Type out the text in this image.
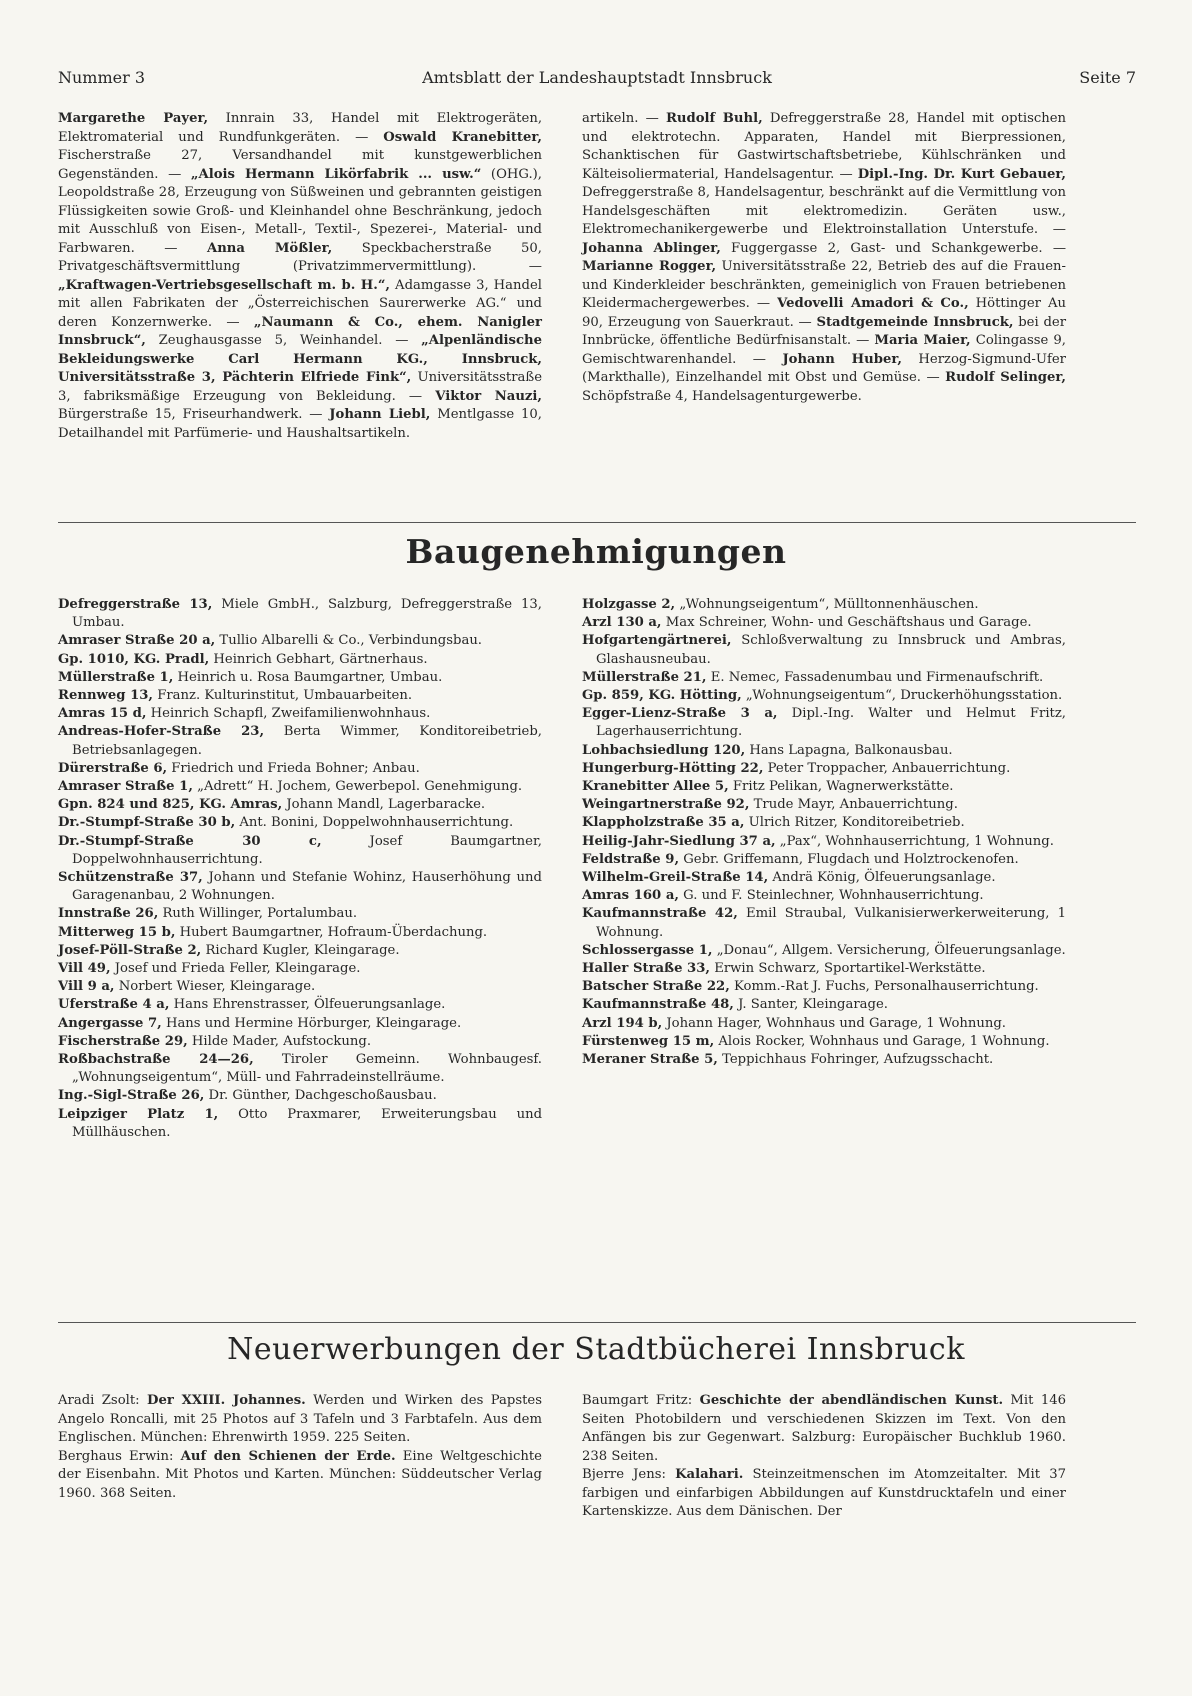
Nummer 3	Amtsblatt der Landeshauptstadt Innsbruck	Seite 7

Margarethe Payer, Innrain 33, Handel mit Elektrogeräten, Elektromaterial und Rundfunkgeräten. — Oswald Kranebitter, Fischerstraße 27, Versandhandel mit kunstgewerblichen Gegenständen. — „Alois Hermann Likörfabrik ... usw.“ (OHG.), Leopoldstraße 28, Erzeugung von Süßweinen und gebrannten geistigen Flüssigkeiten sowie Groß- und Kleinhandel ohne Beschränkung, jedoch mit Ausschluß von Eisen-, Metall-, Textil-, Spezerei-, Material- und Farbwaren. — Anna Mößler, Speckbacherstraße 50, Privatgeschäftsvermittlung (Privatzimmervermittlung). — „Kraftwagen-Vertriebsgesellschaft m. b. H.“, Adamgasse 3, Handel mit allen Fabrikaten der „Österreichischen Saurerwerke AG.“ und deren Konzernwerke. — „Naumann & Co., ehem. Nanigler Innsbruck“, Zeughausgasse 5, Weinhandel. — „Alpenländische Bekleidungswerke Carl Hermann KG., Innsbruck, Universitätsstraße 3, Pächterin Elfriede Fink“, Universitätsstraße 3, fabriksmäßige Erzeugung von Bekleidung. — Viktor Nauzi, Bürgerstraße 15, Friseurhandwerk. — Johann Liebl, Mentlgasse 10, Detailhandel mit Parfümerie- und Haushaltsartikeln.

artikeln. — Rudolf Buhl, Defreggerstraße 28, Handel mit optischen und elektrotechn. Apparaten, Handel mit Bierpressionen, Schanktischen für Gastwirtschaftsbetriebe, Kühlschränken und Kälteisoliermaterial, Handelsagentur. — Dipl.-Ing. Dr. Kurt Gebauer, Defreggerstraße 8, Handelsagentur, beschränkt auf die Vermittlung von Handelsgeschäften mit elektromedizin. Geräten usw., Elektromechanikergewerbe und Elektroinstallation Unterstufe. — Johanna Ablinger, Fuggergasse 2, Gast- und Schankgewerbe. — Marianne Rogger, Universitätsstraße 22, Betrieb des auf die Frauen- und Kinderkleider beschränkten, gemeiniglich von Frauen betriebenen Kleidermachergewerbes. — Vedovelli Amadori & Co., Höttinger Au 90, Erzeugung von Sauerkraut. — Stadtgemeinde Innsbruck, bei der Innbrücke, öffentliche Bedürfnisanstalt. — Maria Maier, Colingasse 9, Gemischtwarenhandel. — Johann Huber, Herzog-Sigmund-Ufer (Markthalle), Einzelhandel mit Obst und Gemüse. — Rudolf Selinger, Schöpfstraße 4, Handelsagenturgewerbe.

Baugenehmigungen

Defreggerstraße 13, Miele GmbH., Salzburg, Defreggerstraße 13, Umbau.

Amraser Straße 20 a, Tullio Albarelli & Co., Verbindungsbau.

Gp. 1010, KG. Pradl, Heinrich Gebhart, Gärtnerhaus.

Müllerstraße 1, Heinrich u. Rosa Baumgartner, Umbau.

Rennweg 13, Franz. Kulturinstitut, Umbauarbeiten.

Amras 15 d, Heinrich Schapfl, Zweifamilienwohnhaus.

Andreas-Hofer-Straße 23, Berta Wimmer, Konditoreibetrieb, Betriebsanlagegen.

Dürerstraße 6, Friedrich und Frieda Bohner; Anbau.

Amraser Straße 1, „Adrett“ H. Jochem, Gewerbepol. Genehmigung.

Gpn. 824 und 825, KG. Amras, Johann Mandl, Lagerbaracke.

Dr.-Stumpf-Straße 30 b, Ant. Bonini, Doppelwohnhauserrichtung.

Dr.-Stumpf-Straße 30 c, Josef Baumgartner, Doppelwohnhauserrichtung.

Schützenstraße 37, Johann und Stefanie Wohinz, Hauserhöhung und Garagenanbau, 2 Wohnungen.

Innstraße 26, Ruth Willinger, Portalumbau.

Mitterweg 15 b, Hubert Baumgartner, Hofraum-Überdachung.

Josef-Pöll-Straße 2, Richard Kugler, Kleingarage.

Vill 49, Josef und Frieda Feller, Kleingarage.

Vill 9 a, Norbert Wieser, Kleingarage.

Uferstraße 4 a, Hans Ehrenstrasser, Ölfeuerungsanlage.

Angergasse 7, Hans und Hermine Hörburger, Kleingarage.

Fischerstraße 29, Hilde Mader, Aufstockung.

Roßbachstraße 24—26, Tiroler Gemeinn. Wohnbaugesf. „Wohnungseigentum“, Müll- und Fahrradeinstellräume.

Ing.-Sigl-Straße 26, Dr. Günther, Dachgeschoßausbau.

Leipziger Platz 1, Otto Praxmarer, Erweiterungsbau und Müllhäuschen.

Holzgasse 2, „Wohnungseigentum“, Mülltonnenhäuschen.

Arzl 130 a, Max Schreiner, Wohn- und Geschäftshaus und Garage.

Hofgartengärtnerei, Schloßverwaltung zu Innsbruck und Ambras, Glashausneubau.

Müllerstraße 21, E. Nemec, Fassadenumbau und Firmenaufschrift.

Gp. 859, KG. Hötting, „Wohnungseigentum“, Druckerhöhungsstation.

Egger-Lienz-Straße 3 a, Dipl.-Ing. Walter und Helmut Fritz, Lagerhauserrichtung.

Lohbachsiedlung 120, Hans Lapagna, Balkonausbau.

Hungerburg-Hötting 22, Peter Troppacher, Anbauerrichtung.

Kranebitter Allee 5, Fritz Pelikan, Wagnerwerkstätte.

Weingartnerstraße 92, Trude Mayr, Anbauerrichtung.

Klappholzstraße 35 a, Ulrich Ritzer, Konditoreibetrieb.

Heilig-Jahr-Siedlung 37 a, „Pax“, Wohnhauserrichtung, 1 Wohnung.

Feldstraße 9, Gebr. Griffemann, Flugdach und Holztrockenofen.

Wilhelm-Greil-Straße 14, Andrä König, Ölfeuerungsanlage.

Amras 160 a, G. und F. Steinlechner, Wohnhauserrichtung.

Kaufmannstraße 42, Emil Straubal, Vulkanisierwerkerweiterung, 1 Wohnung.

Schlossergasse 1, „Donau“, Allgem. Versicherung, Ölfeuerungsanlage.

Haller Straße 33, Erwin Schwarz, Sportartikel-Werkstätte.

Batscher Straße 22, Komm.-Rat J. Fuchs, Personalhauserrichtung.

Kaufmannstraße 48, J. Santer, Kleingarage.

Arzl 194 b, Johann Hager, Wohnhaus und Garage, 1 Wohnung.

Fürstenweg 15 m, Alois Rocker, Wohnhaus und Garage, 1 Wohnung.

Meraner Straße 5, Teppichhaus Fohringer, Aufzugsschacht.

Neuerwerbungen der Stadtbücherei Innsbruck

Aradi Zsolt: Der XXIII. Johannes. Werden und Wirken des Papstes Angelo Roncalli, mit 25 Photos auf 3 Tafeln und 3 Farbtafeln. Aus dem Englischen. München: Ehrenwirth 1959. 225 Seiten.

Berghaus Erwin: Auf den Schienen der Erde. Eine Weltgeschichte der Eisenbahn. Mit Photos und Karten. München: Süddeutscher Verlag 1960. 368 Seiten.

Baumgart Fritz: Geschichte der abendländischen Kunst. Mit 146 Seiten Photobildern und verschiedenen Skizzen im Text. Von den Anfängen bis zur Gegenwart. Salzburg: Europäischer Buchklub 1960. 238 Seiten.

Bjerre Jens: Kalahari. Steinzeitmenschen im Atomzeitalter. Mit 37 farbigen und einfarbigen Abbildungen auf Kunstdrucktafeln und einer Kartenskizze. Aus dem Dänischen. Der
